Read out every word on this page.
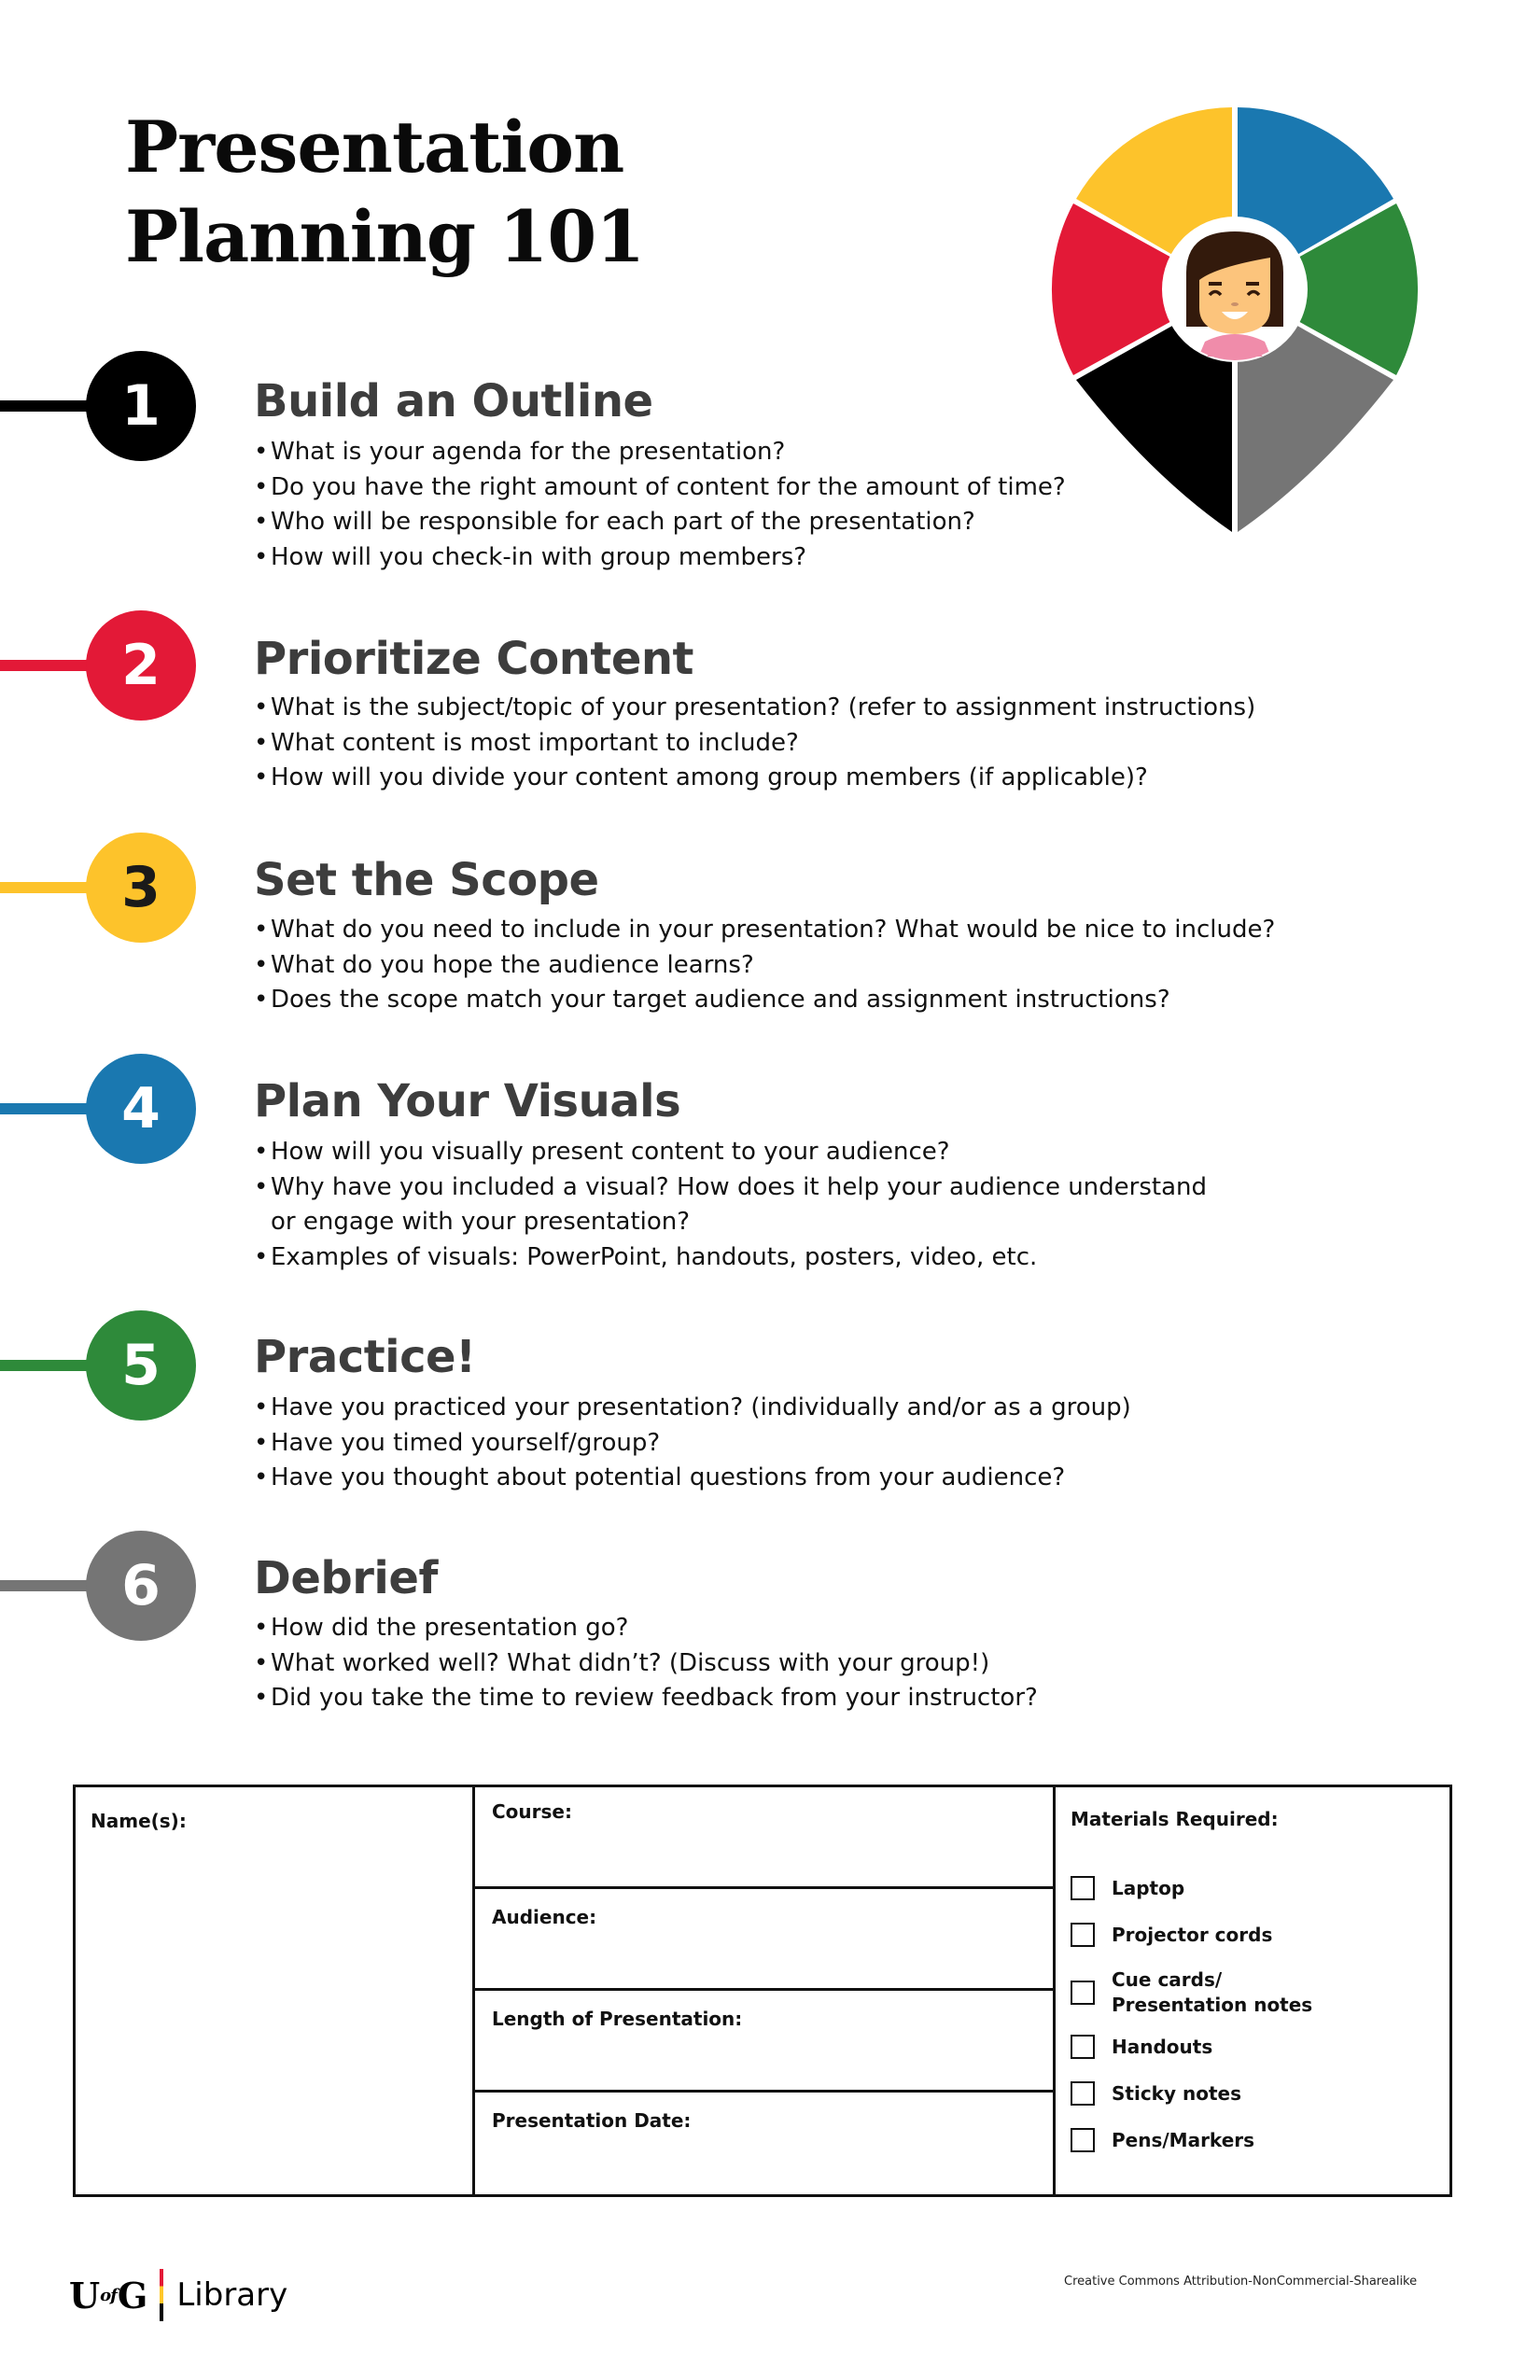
Presentation
Planning 101
1	Build an Outline
• What is your agenda for the presentation?
• Do you have the right amount of content for the amount of time?
• Who will be responsible for each part of the presentation?
• How will you check-in with group members?
2	Prioritize Content
• What is the subject/topic of your presentation? (refer to assignment instructions)
• What content is most important to include?
• How will you divide your content among group members (if applicable)?
3	Set the Scope
• What do you need to include in your presentation? What would be nice to include?
• What do you hope the audience learns?
• Does the scope match your target audience and assignment instructions?
4	Plan Your Visuals
• How will you visually present content to your audience?
• Why have you included a visual? How does it help your audience understand
or engage with your presentation?
• Examples of visuals: PowerPoint, handouts, posters, video, etc.
5	Practice!
• Have you practiced your presentation? (individually and/or as a group)
• Have you timed yourself/group?
• Have you thought about potential questions from your audience?
6	Debrief
• How did the presentation go?
• What worked well? What didn’t? (Discuss with your group!)
• Did you take the time to review feedback from your instructor?
Name(s):	Course:
Audience:
Length of Presentation:
Presentation Date:
Materials Required:
Laptop
Projector cords
Cue cards/
Presentation notes
Handouts
Sticky notes
Pens/Markers
$U^{of}G$ Library	Creative Commons Attribution-NonCommercial-Sharealike
